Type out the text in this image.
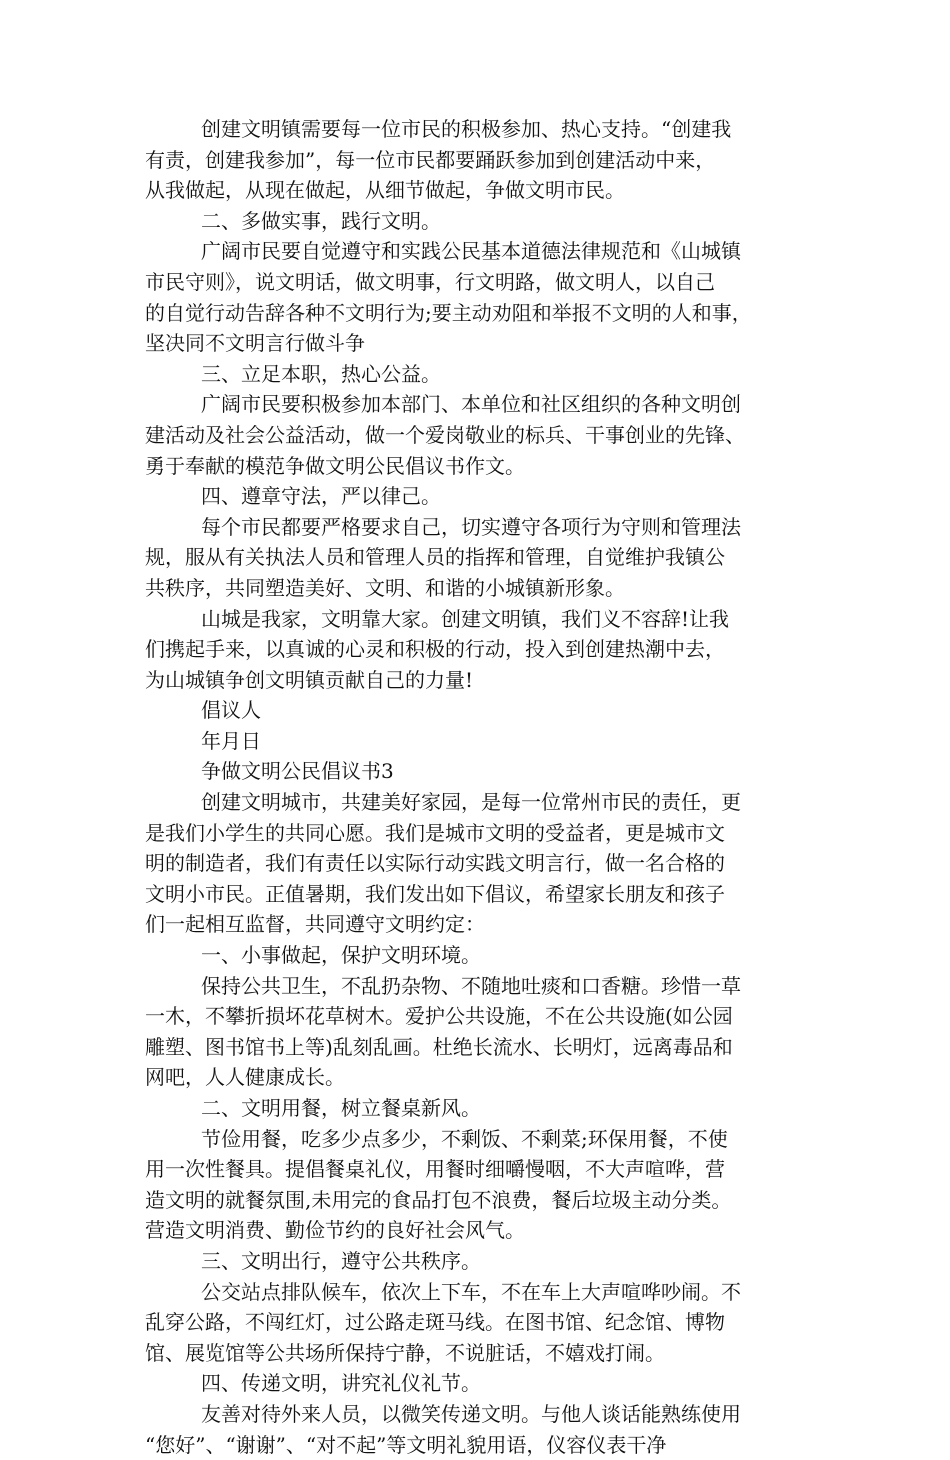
创建文明镇需要每一位市民的积极参加、热心支持。“创建我
有责，创建我参加”，每一位市民都要踊跃参加到创建活动中来，
从我做起，从现在做起，从细节做起，争做文明市民。
二、多做实事，践行文明。
广阔市民要自觉遵守和实践公民基本道德法律规范和《山城镇
市民守则》，说文明话，做文明事，行文明路，做文明人，以自己
的自觉行动告辞各种不文明行为;要主动劝阻和举报不文明的人和事，
坚决同不文明言行做斗争
三、立足本职，热心公益。
广阔市民要积极参加本部门、本单位和社区组织的各种文明创
建活动及社会公益活动，做一个爱岗敬业的标兵、干事创业的先锋、
勇于奉献的模范争做文明公民倡议书作文。
四、遵章守法，严以律己。
每个市民都要严格要求自己，切实遵守各项行为守则和管理法
规，服从有关执法人员和管理人员的指挥和管理，自觉维护我镇公
共秩序，共同塑造美好、文明、和谐的小城镇新形象。
山城是我家，文明靠大家。创建文明镇，我们义不容辞!让我
们携起手来，以真诚的心灵和积极的行动，投入到创建热潮中去，
为山城镇争创文明镇贡献自己的力量!
倡议人
年月日
争做文明公民倡议书3
创建文明城市，共建美好家园，是每一位常州市民的责任，更
是我们小学生的共同心愿。我们是城市文明的受益者，更是城市文
明的制造者，我们有责任以实际行动实践文明言行，做一名合格的
文明小市民。正值暑期，我们发出如下倡议，希望家长朋友和孩子
们一起相互监督，共同遵守文明约定：
一、小事做起，保护文明环境。
保持公共卫生，不乱扔杂物、不随地吐痰和口香糖。珍惜一草
一木，不攀折损坏花草树木。爱护公共设施，不在公共设施(如公园
雕塑、图书馆书上等)乱刻乱画。杜绝长流水、长明灯，远离毒品和
网吧，人人健康成长。
二、文明用餐，树立餐桌新风。
节俭用餐，吃多少点多少，不剩饭、不剩菜;环保用餐，不使
用一次性餐具。提倡餐桌礼仪，用餐时细嚼慢咽，不大声喧哗，营
造文明的就餐氛围,未用完的食品打包不浪费，餐后垃圾主动分类。
营造文明消费、勤俭节约的良好社会风气。
三、文明出行，遵守公共秩序。
公交站点排队候车，依次上下车，不在车上大声喧哗吵闹。不
乱穿公路，不闯红灯，过公路走斑马线。在图书馆、纪念馆、博物
馆、展览馆等公共场所保持宁静，不说脏话，不嬉戏打闹。
四、传递文明，讲究礼仪礼节。
友善对待外来人员，以微笑传递文明。与他人谈话能熟练使用
“您好”、“谢谢”、“对不起”等文明礼貌用语，仪容仪表干净
